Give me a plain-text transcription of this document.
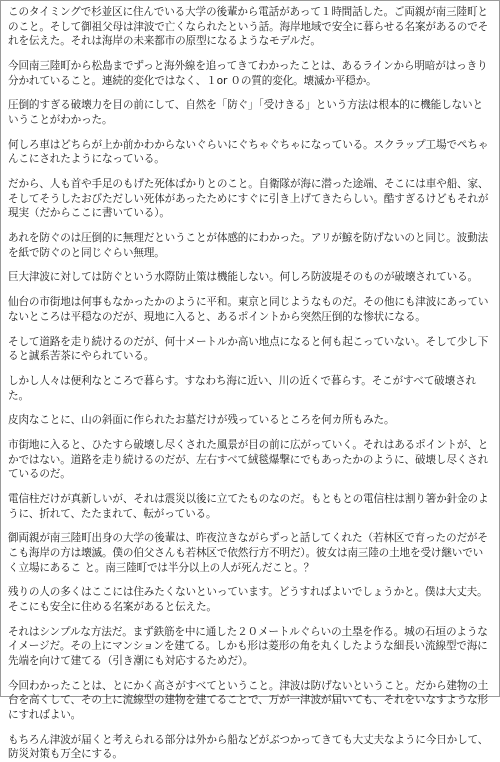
このタイミングで杉並区に住んでいる大学の後輩から電話があって１時間話した。ご両親が南三陸町とのこと。そして御祖父母は津波で亡くなられたという話。海岸地域で安全に暮らせる名案があるのでそれを伝えた。それは海岸の未来都市の原型になるようなモデルだ。

今回南三陸町から松島までずっと海外線を追ってきてわかったことは、あるラインから明暗がはっきり分かれていること。連続的変化ではなく、１or ０の質的変化。壊滅か平穏か。

圧倒的すぎる破壊力を目の前にして、自然を「防ぐ」「受けきる」という方法は根本的に機能しないということがわかった。

何しろ車はどちらが上か前かわからないぐらいにぐちゃぐちゃになっている。スクラップ工場でぺちゃんこにされたようになっている。

だから、人も首や手足のもげた死体ばかりとのこと。自衛隊が海に潜った途端、そこには車や船、家、そしてそうしたおびただしい死体があったためにすぐに引き上げてきたらしい。酷すぎるけどもそれが現実（だからここに書いている）。

あれを防ぐのは圧倒的に無理だということが体感的にわかった。アリが鯨を防げないのと同じ。波動法を紙で防ぐのと同じぐらい無理。

巨大津波に対しては防ぐという水際防止策は機能しない。何しろ防波堤そのものが破壊されている。

仙台の市街地は何事もなかったかのように平和。東京と同じようなものだ。その他にも津波にあっていないところは平穏なのだが、現地に入ると、あるポイントから突然圧倒的な惨状になる。

そして道路を走り続けるのだが、何十メートルか高い地点になると何も起こっていない。そして少し下ると誠系苦茶にやられている。

しかし人々は便利なところで暮らす。すなわち海に近い、川の近くで暮らす。そこがすべて破壊された。

皮肉なことに、山の斜面に作られたお墓だけが残っているところを何カ所もみた。

市街地に入ると、ひたすら破壊し尽くされた風景が目の前に広がっていく。それはあるポイントが、とかではない。道路を走り続けるのだが、左右すべて絨毯爆撃にでもあったかのように、破壊し尽くされているのだ。

電信柱だけが真新しいが、それは震災以後に立てたものなのだ。もともとの電信柱は割り箸か針金のように、折れて、たたまれて、転がっている。

御両親が南三陸町出身の大学の後輩は、昨夜泣きながらずっと話してくれた（若林区で育ったのだがそこも海岸の方は壊滅。僕の伯父さんも若林区で依然行方不明だ）。彼女は南三陸の土地を受け継いでいく立場にあるこ と。南三陸町では半分以上の人が死んだこと。？

残りの人の多くはここには住みたくないといっています。どうすればよいでしょうかと。僕は大丈夫。そこにも安全に住める名案があると伝えた。

それはシンプルな方法だ。まず鉄筋を中に通した２０メートルぐらいの土塁を作る。城の石垣のようなイメージだ。その上にマンションを建てる。しかも形は菱形の角を丸くしたような細長い流線型で海に先端を向けて建てる（引き潮にも対応するためだ）。

今回わかったことは、とにかく高さがすべてということ。津波は防げないということ。だから建物の土台を高くして、その上に流線型の建物を建てることで、万が一津波が届いても、それをいなすような形にすればよい。

もちろん津波が届くと考えられる部分は外から船などがぶつかってきても大丈夫なように今日かして、防災対策も万全にする。
